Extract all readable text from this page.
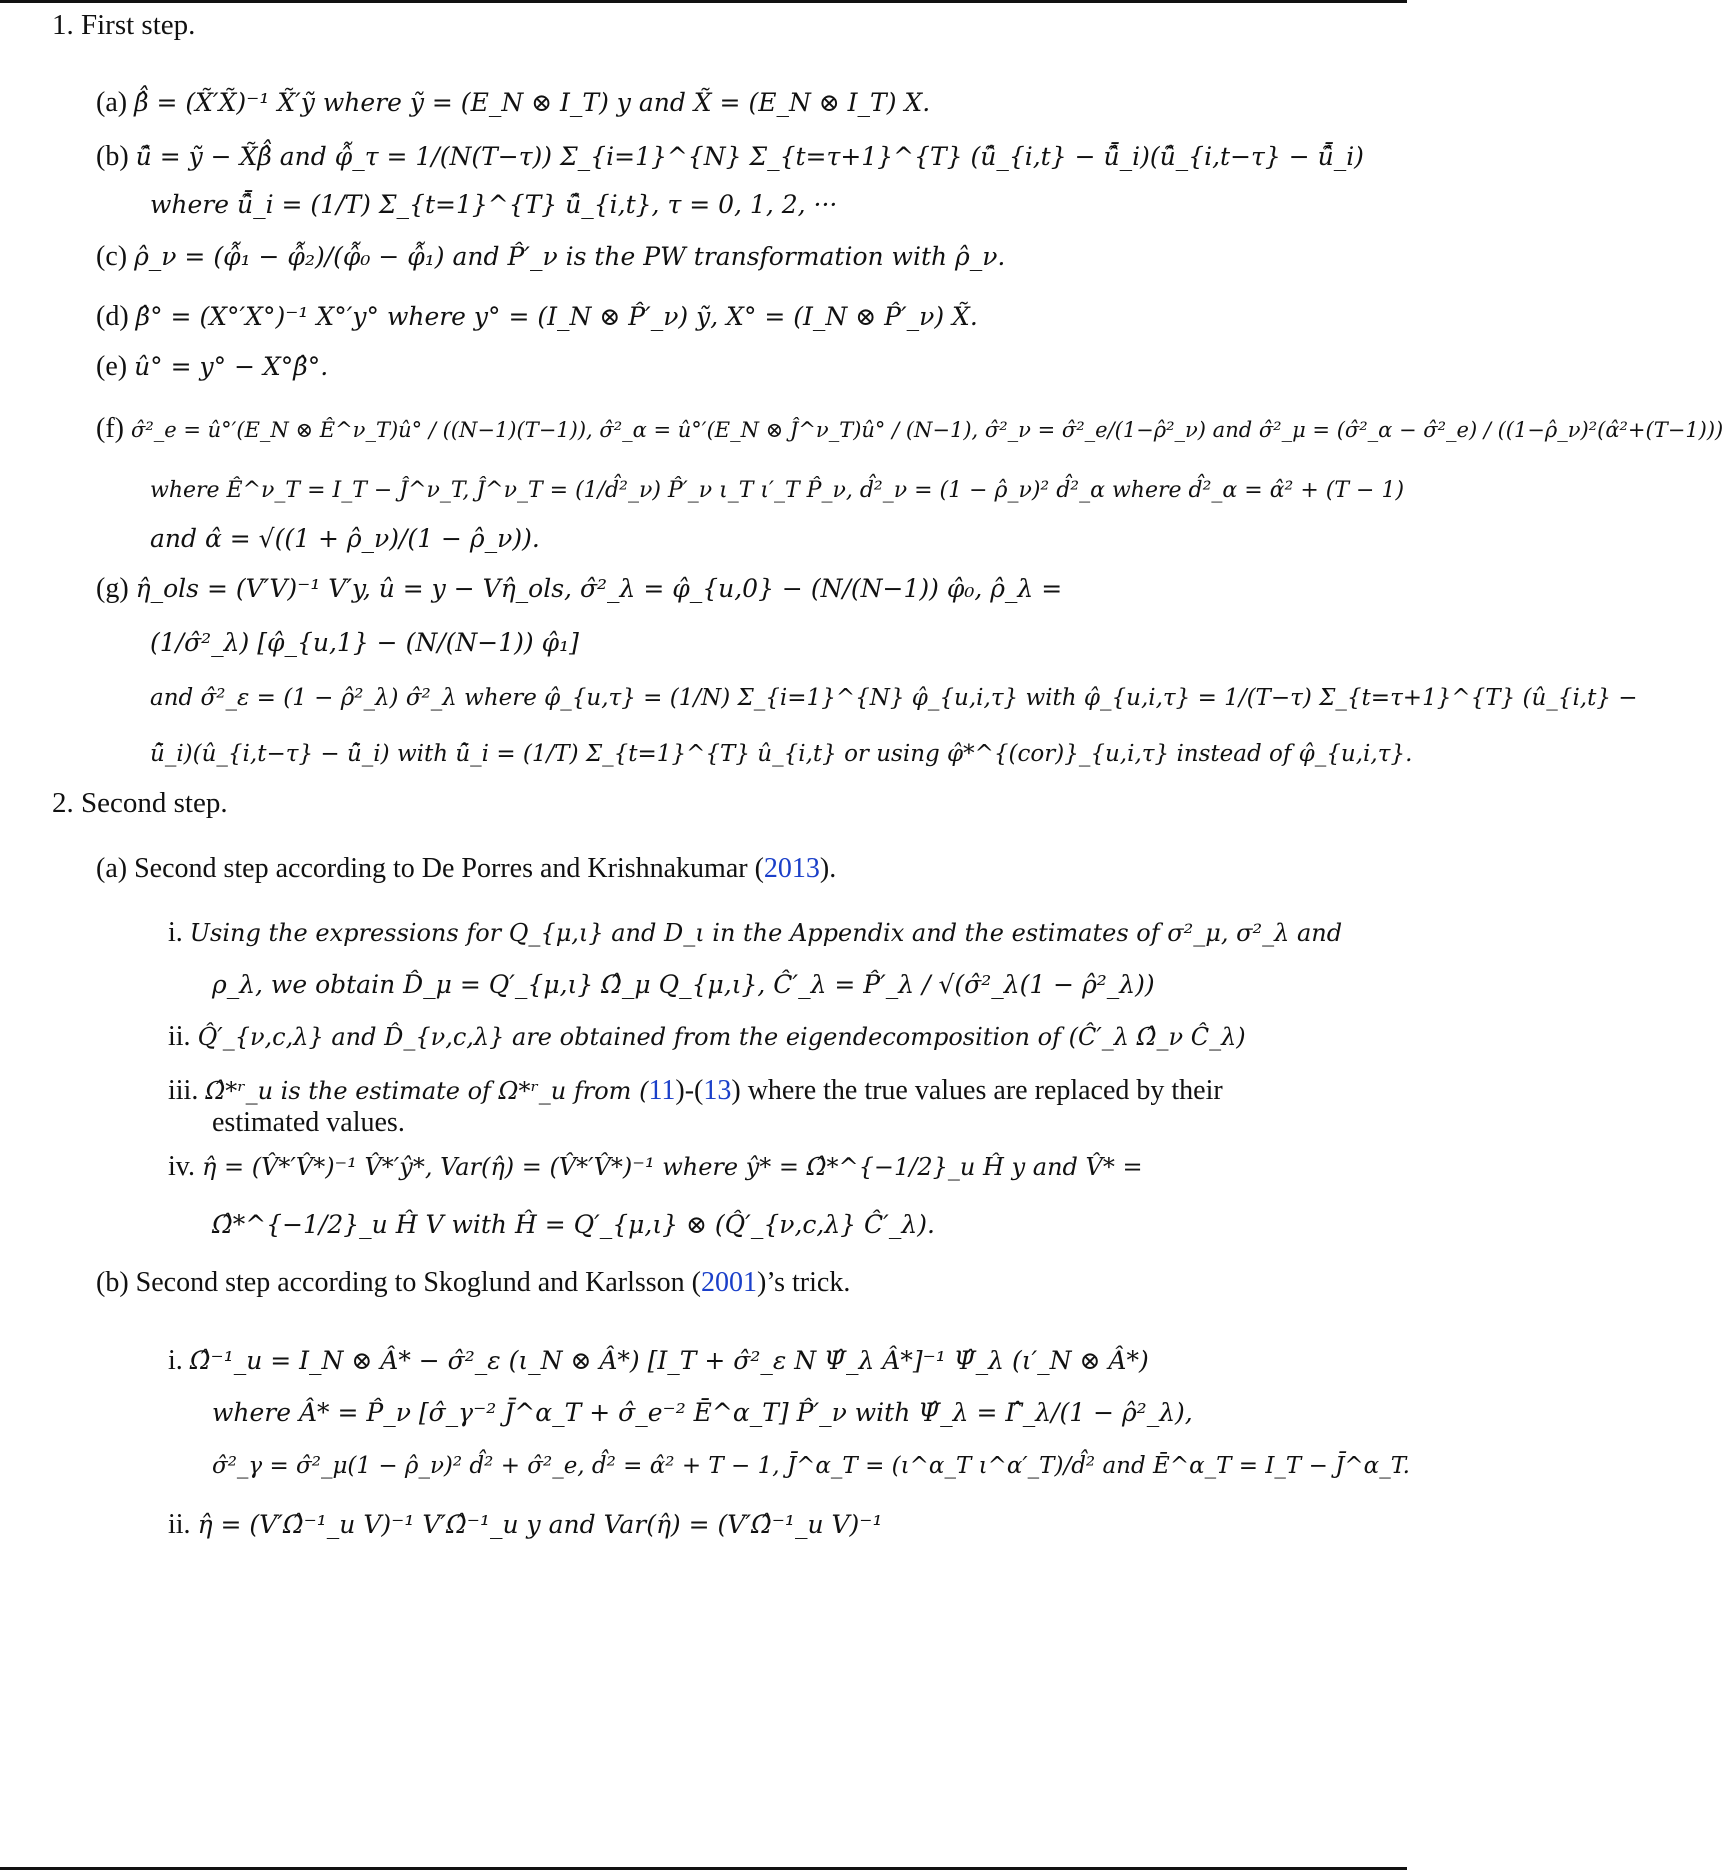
1. First step.
(a) β̂̂ = (X̃′X̃)⁻¹ X̃′ỹ where ỹ = (E_N ⊗ I_T) y and X̃ = (E_N ⊗ I_T) X.
(b) ũ̂ = ỹ − X̃β̂̂ and φ̂̃_τ = 1/(N(T−τ)) Σ_{i=1}^{N} Σ_{t=τ+1}^{T} (ũ̂_{i,t} − ũ̂̄_i)(ũ̂_{i,t−τ} − ũ̂̄_i)
where ũ̂̄_i = (1/T) Σ_{t=1}^{T} ũ̂_{i,t}, τ = 0, 1, 2, ···
(c) ρ̂_ν = (φ̂̃₁ − φ̂̃₂)/(φ̂̃₀ − φ̂̃₁) and P̂′_ν is the PW transformation with ρ̂_ν.
(d) β̂° = (X°′X°)⁻¹ X°′y° where y° = (I_N ⊗ P̂′_ν) ỹ, X° = (I_N ⊗ P̂′_ν) X̃.
(e) û° = y° − X°β̂°.
(f) σ̂²_e = û°′(E_N ⊗ Ê^ν_T)û° / ((N−1)(T−1)), σ̂²_α = û°′(E_N ⊗ Ĵ^ν_T)û° / (N−1), σ̂²_ν = σ̂²_e/(1−ρ̂²_ν) and σ̂²_μ = (σ̂²_α − σ̂²_e) / ((1−ρ̂_ν)²(α̂²+(T−1)))
where Ê^ν_T = I_T − Ĵ^ν_T, Ĵ^ν_T = (1/d̂²_ν) P̂′_ν ι_T ι′_T P̂_ν, d̂²_ν = (1 − ρ̂_ν)² d̂²_α where d̂²_α = α̂² + (T − 1)
and α̂ = √((1 + ρ̂_ν)/(1 − ρ̂_ν)).
(g) η̂_ols = (V′V)⁻¹ V′y, û = y − Vη̂_ols, σ̂²_λ = φ̂_{u,0} − (N/(N−1)) φ̂₀, ρ̂_λ =
(1/σ̂²_λ) [φ̂_{u,1} − (N/(N−1)) φ̂₁]
and σ̂²_ε = (1 − ρ̂²_λ) σ̂²_λ where φ̂_{u,τ} = (1/N) Σ_{i=1}^{N} φ̂_{u,i,τ} with φ̂_{u,i,τ} = 1/(T−τ) Σ_{t=τ+1}^{T} (û_{i,t} −
û̄_i)(û_{i,t−τ} − û̄_i) with û̄_i = (1/T) Σ_{t=1}^{T} û_{i,t} or using φ̂*^{(cor)}_{u,i,τ} instead of φ̂_{u,i,τ}.
2. Second step.
(a) Second step according to De Porres and Krishnakumar (2013).
i. Using the expressions for Q_{μ,ι} and D_ι in the Appendix and the estimates of σ²_μ, σ²_λ and
ρ_λ, we obtain D̂_μ = Q′_{μ,ι} Ω̂_μ Q_{μ,ι}, Ĉ′_λ = P̂′_λ / √(σ̂²_λ(1 − ρ̂²_λ))
ii. Q̂′_{ν,c,λ} and D̂_{ν,c,λ} are obtained from the eigendecomposition of (Ĉ′_λ Ω̂_ν Ĉ_λ)
iii. Ω̂*ʳ_u is the estimate of Ω*ʳ_u from (11)-(13) where the true values are replaced by their
estimated values.
iv. η̂ = (V̂*′V̂*)⁻¹ V̂*′ŷ*, Var(η̂) = (V̂*′V̂*)⁻¹ where ŷ* = Ω̂*^{−1/2}_u Ĥ y and V̂* =
Ω̂*^{−1/2}_u Ĥ V with Ĥ = Q′_{μ,ι} ⊗ (Q̂′_{ν,c,λ} Ĉ′_λ).
(b) Second step according to Skoglund and Karlsson (2001)’s trick.
i. Ω̂⁻¹_u = I_N ⊗ Â* − σ̂²_ε (ι_N ⊗ Â*) [I_T + σ̂²_ε N Ψ̂_λ Â*]⁻¹ Ψ̂_λ (ι′_N ⊗ Â*)
where Â* = P̂_ν [σ̂_γ⁻² J̄^α_T + σ̂_e⁻² Ē^α_T] P̂′_ν with Ψ̂_λ = Γ̂_λ/(1 − ρ̂²_λ),
σ̂²_γ = σ̂²_μ(1 − ρ̂_ν)² d̂² + σ̂²_e, d̂² = α̂² + T − 1, J̄^α_T = (ι^α_T ι^α′_T)/d̂² and Ē^α_T = I_T − J̄^α_T.
ii. η̂ = (V′Ω̂⁻¹_u V)⁻¹ V′Ω̂⁻¹_u y and Var(η̂) = (V′Ω̂⁻¹_u V)⁻¹
